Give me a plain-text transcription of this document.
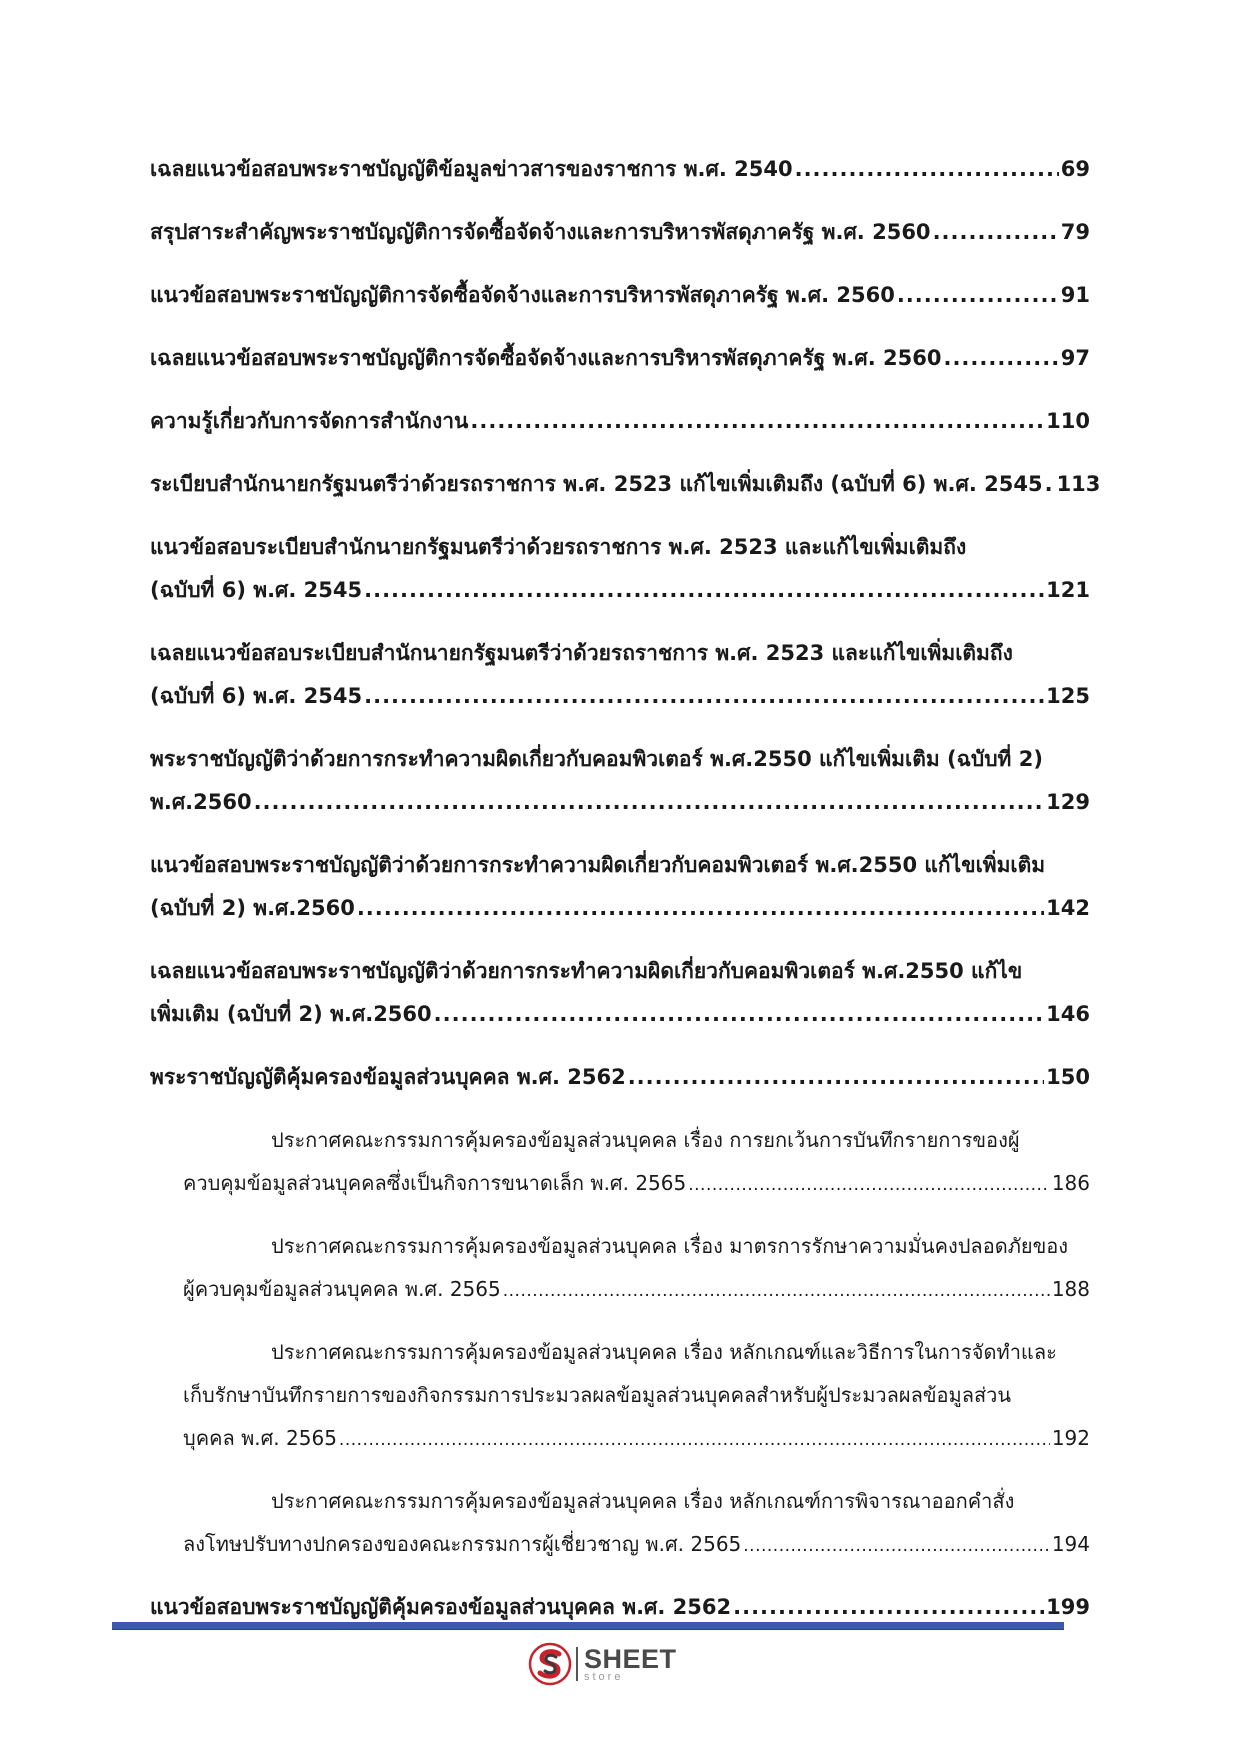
เฉลยแนวข้อสอบพระราชบัญญัติข้อมูลข่าวสารของราชการ พ.ศ. 2540 .....	69
สรุปสาระสำคัญพระราชบัญญัติการจัดซื้อจัดจ้างและการบริหารพัสดุภาครัฐ พ.ศ. 2560 .....	79
แนวข้อสอบพระราชบัญญัติการจัดซื้อจัดจ้างและการบริหารพัสดุภาครัฐ พ.ศ. 2560 .....	91
เฉลยแนวข้อสอบพระราชบัญญัติการจัดซื้อจัดจ้างและการบริหารพัสดุภาครัฐ พ.ศ. 2560 .....	97
ความรู้เกี่ยวกับการจัดการสำนักงาน .....	110
ระเบียบสำนักนายกรัฐมนตรีว่าด้วยรถราชการ พ.ศ. 2523 แก้ไขเพิ่มเติมถึง (ฉบับที่ 6) พ.ศ. 2545 ..... 113
แนวข้อสอบระเบียบสำนักนายกรัฐมนตรีว่าด้วยรถราชการ พ.ศ. 2523 และแก้ไขเพิ่มเติมถึง
(ฉบับที่ 6) พ.ศ. 2545 .....	121
เฉลยแนวข้อสอบระเบียบสำนักนายกรัฐมนตรีว่าด้วยรถราชการ พ.ศ. 2523 และแก้ไขเพิ่มเติมถึง
(ฉบับที่ 6) พ.ศ. 2545 .....	125
พระราชบัญญัติว่าด้วยการกระทำความผิดเกี่ยวกับคอมพิวเตอร์ พ.ศ.2550 แก้ไขเพิ่มเติม (ฉบับที่ 2)
พ.ศ.2560 .....	129
แนวข้อสอบพระราชบัญญัติว่าด้วยการกระทำความผิดเกี่ยวกับคอมพิวเตอร์ พ.ศ.2550 แก้ไขเพิ่มเติม
(ฉบับที่ 2) พ.ศ.2560 .....	142
เฉลยแนวข้อสอบพระราชบัญญัติว่าด้วยการกระทำความผิดเกี่ยวกับคอมพิวเตอร์ พ.ศ.2550 แก้ไข
เพิ่มเติม (ฉบับที่ 2) พ.ศ.2560 .....	146
พระราชบัญญัติคุ้มครองข้อมูลส่วนบุคคล พ.ศ. 2562 .....	150
ประกาศคณะกรรมการคุ้มครองข้อมูลส่วนบุคคล เรื่อง การยกเว้นการบันทึกรายการของผู้
ควบคุมข้อมูลส่วนบุคคลซึ่งเป็นกิจการขนาดเล็ก พ.ศ. 2565 .....	186
ประกาศคณะกรรมการคุ้มครองข้อมูลส่วนบุคคล เรื่อง มาตรการรักษาความมั่นคงปลอดภัยของ
ผู้ควบคุมข้อมูลส่วนบุคคล พ.ศ. 2565 .....	188
ประกาศคณะกรรมการคุ้มครองข้อมูลส่วนบุคคล เรื่อง หลักเกณฑ์และวิธีการในการจัดทำและ
เก็บรักษาบันทึกรายการของกิจกรรมการประมวลผลข้อมูลส่วนบุคคลสำหรับผู้ประมวลผลข้อมูลส่วน
บุคคล พ.ศ. 2565 .....	192
ประกาศคณะกรรมการคุ้มครองข้อมูลส่วนบุคคล เรื่อง หลักเกณฑ์การพิจารณาออกคำสั่ง
ลงโทษปรับทางปกครองของคณะกรรมการผู้เชี่ยวชาญ พ.ศ. 2565 .....	194
แนวข้อสอบพระราชบัญญัติคุ้มครองข้อมูลส่วนบุคคล พ.ศ. 2562 .....	199
SHEET
store
